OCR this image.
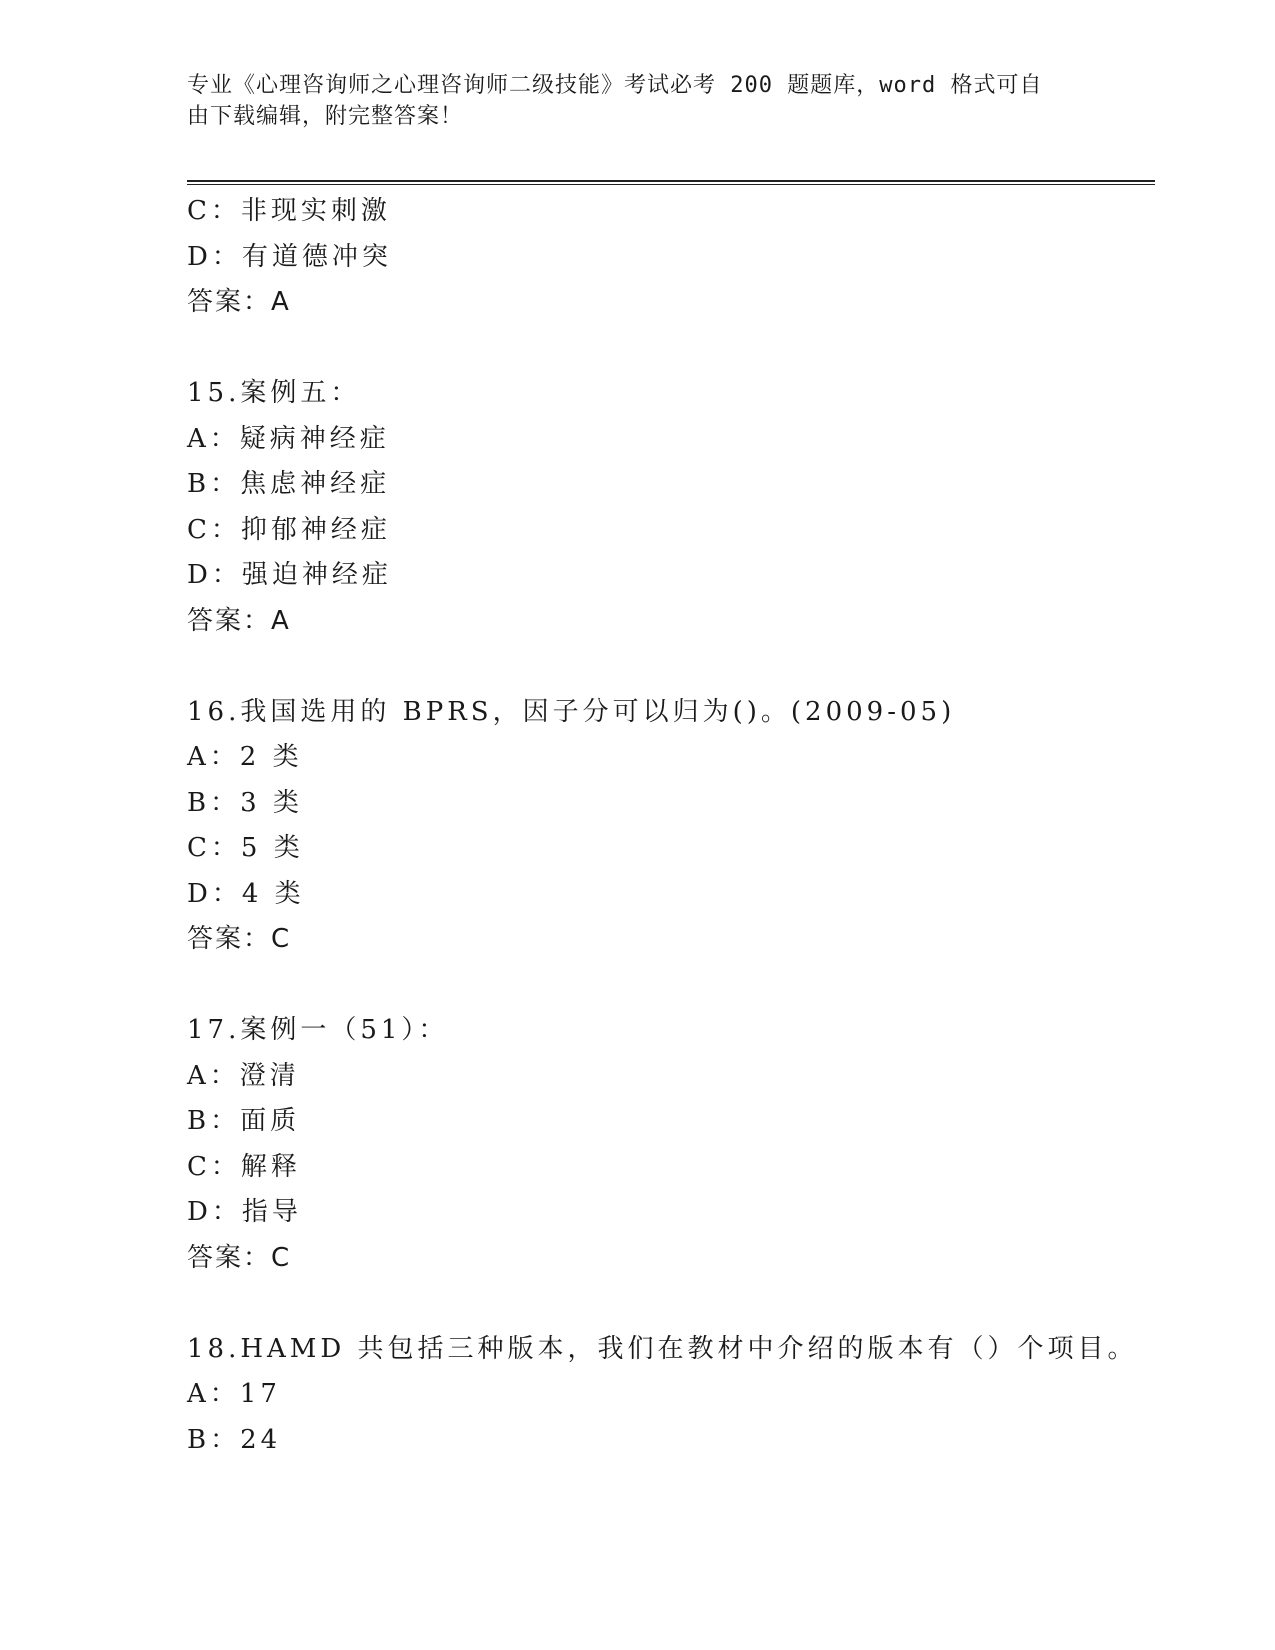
专业《心理咨询师之心理咨询师二级技能》考试必考 200 题题库，word 格式可自
由下载编辑，附完整答案！
C：非现实刺激
D：有道德冲突
答案：A
15.案例五：
A：疑病神经症
B：焦虑神经症
C：抑郁神经症
D：强迫神经症
答案：A
16.我国选用的 BPRS，因子分可以归为()。(2009-05)
A：2 类
B：3 类
C：5 类
D：4 类
答案：C
17.案例一（51）：
A：澄清
B：面质
C：解释
D：指导
答案：C
18.HAMD 共包括三种版本，我们在教材中介绍的版本有（）个项目。
A：17
B：24
